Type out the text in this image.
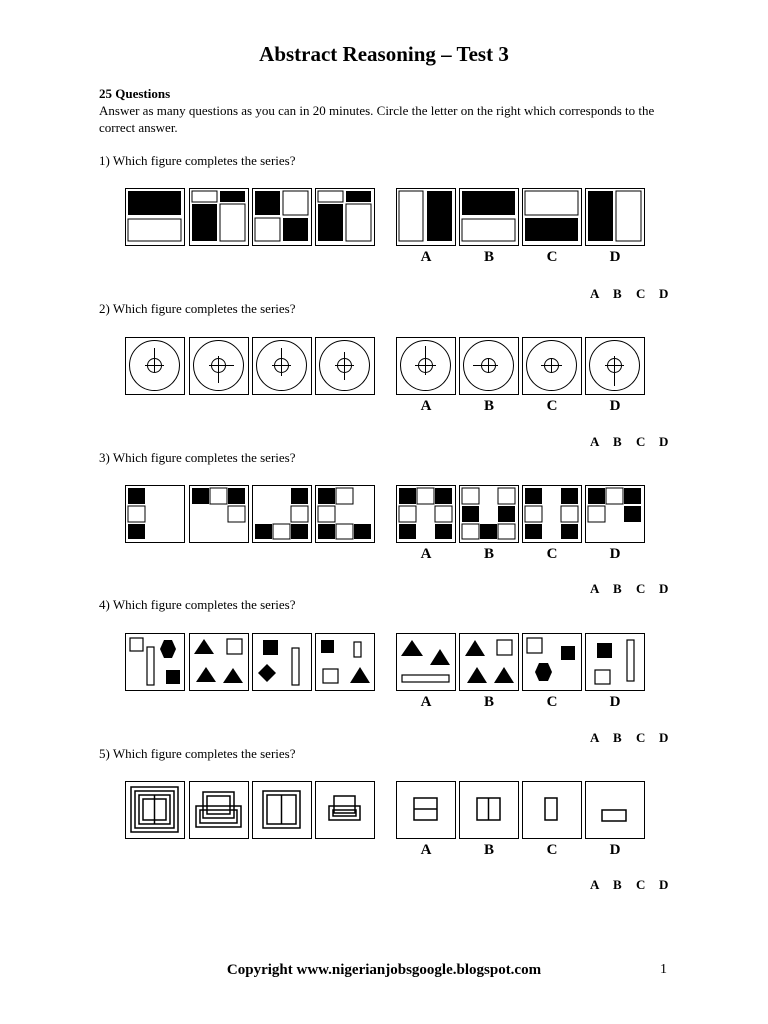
Abstract Reasoning – Test 3
25 Questions
Answer as many questions as you can in 20 minutes. Circle the letter on the right which corresponds to the correct answer.
1) Which figure completes the series?
A	B	C	D
A B C D
2) Which figure completes the series?
A	B	C	D
A B C D
3) Which figure completes the series?
A	B	C	D
A B C D
4) Which figure completes the series?
A	B	C	D
A B C D
5) Which figure completes the series?
A	B	C	D
A B C D
Copyright www.nigerianjobsgoogle.blogspot.com	1
